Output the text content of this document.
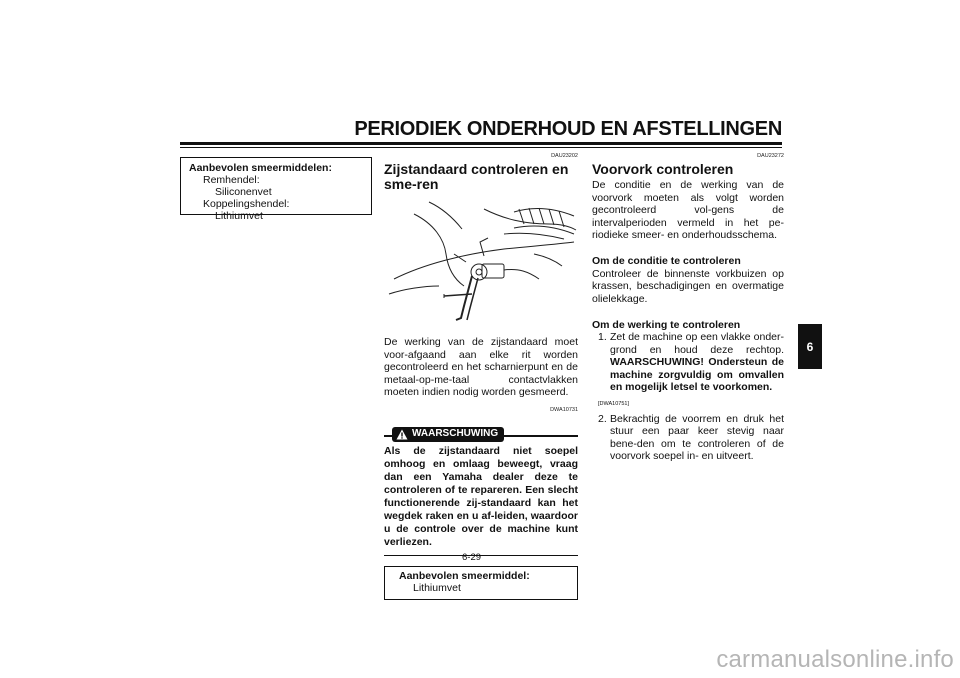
PERIODIEK ONDERHOUD EN AFSTELLINGEN
Aanbevolen smeermiddelen:
Remhendel:
Siliconenvet
Koppelingshendel:
Lithiumvet

DAU23202

Zijstandaard controleren en sme-ren

De werking van de zijstandaard moet voor-afgaand aan elke rit worden gecontroleerd en het scharnierpunt en de metaal-op-me-taal contactvlakken moeten indien nodig worden gesmeerd.

DWA10731

WAARSCHUWING

Als de zijstandaard niet soepel omhoog en omlaag beweegt, vraag dan een Yamaha dealer deze te controleren of te repareren. Een slecht functionerende zij-standaard kan het wegdek raken en u af-leiden, waardoor u de controle over de machine kunt verliezen.

Aanbevolen smeermiddel:
Lithiumvet

DAU23272

Voorvork controleren

De conditie en de werking van de voorvork moeten als volgt worden gecontroleerd vol-gens de intervalperioden vermeld in het pe-riodieke smeer- en onderhoudsschema.

Om de conditie te controleren

Controleer de binnenste vorkbuizen op krassen, beschadigingen en overmatige olielekkage.

Om de werking te controleren

1. Zet de machine op een vlakke onder-grond en houd deze rechtop. WAARSCHUWING! Ondersteun de machine zorgvuldig om omvallen en mogelijk letsel te voorkomen.
[DWA10751]
2. Bekrachtig de voorrem en druk het stuur een paar keer stevig naar bene-den om te controleren of de voorvork soepel in- en uitveert.
6
6-29
carmanualsonline.info
